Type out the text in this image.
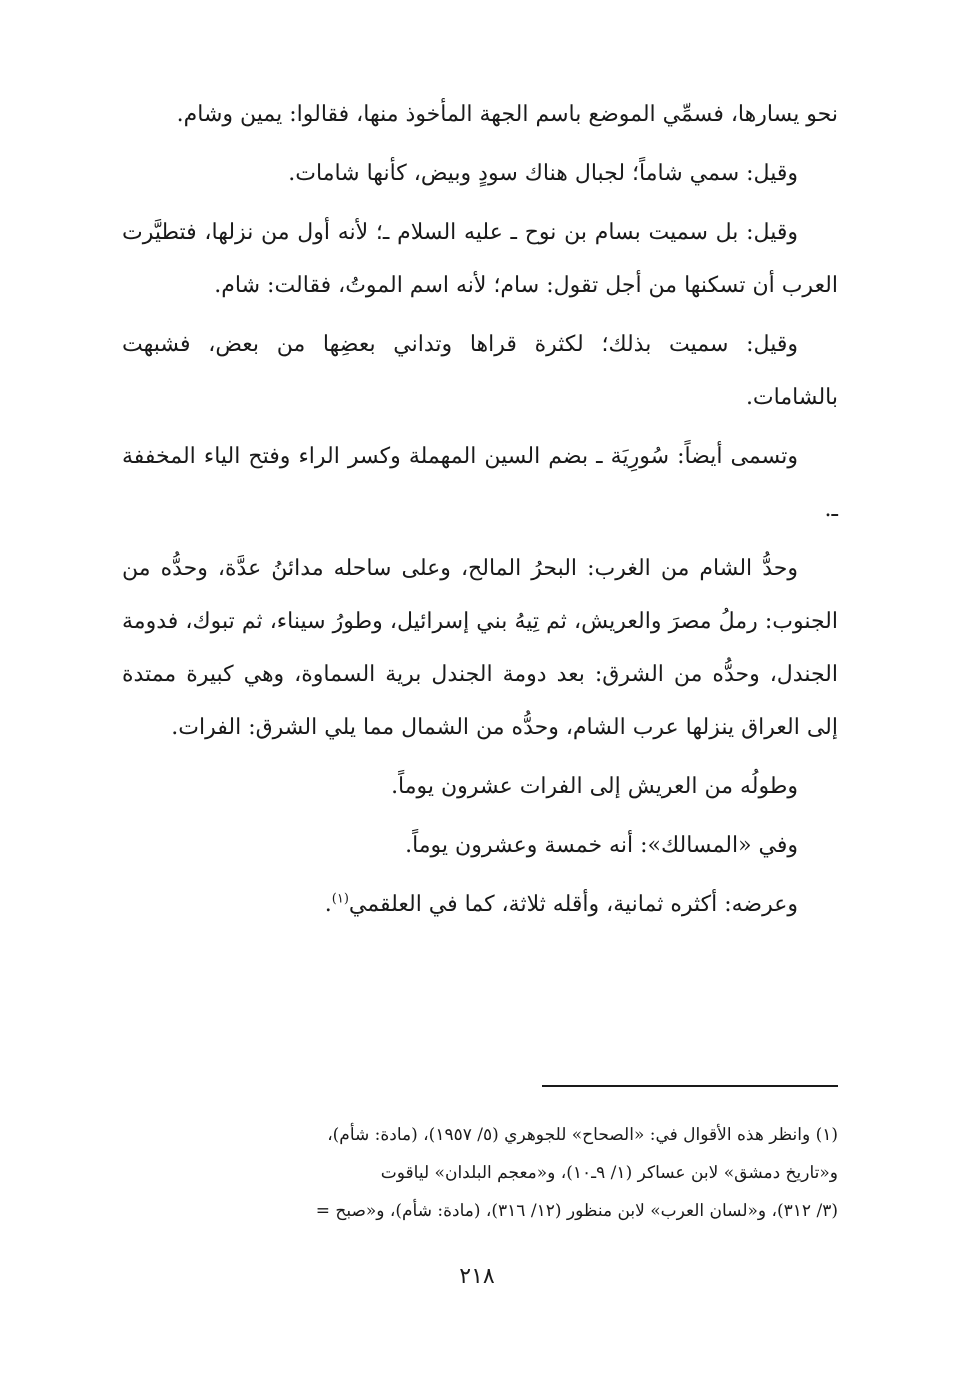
نحو يسارها، فسمِّي الموضع باسم الجهة المأخوذ منها، فقالوا: يمين وشام.

وقيل: سمي شاماً؛ لجبال هناك سودٍ وبيض، كأنها شامات.

وقيل: بل سميت بسام بن نوح ـ عليه السلام ـ؛ لأنه أول من نزلها، فتطيَّرت العرب أن تسكنها من أجل تقول: سام؛ لأنه اسم الموتُ، فقالت: شام.

وقيل: سميت بذلك؛ لكثرة قراها وتداني بعضِها من بعض، فشبهت بالشامات.

وتسمى أيضاً: سُورِيَة ـ بضم السين المهملة وكسر الراء وفتح الياء المخففة ـ.

وحدُّ الشام من الغرب: البحرُ المالح، وعلى ساحله مدائنُ عدَّة، وحدُّه من الجنوب: رملُ مصرَ والعريش، ثم تِيهُ بني إسرائيل، وطورُ سيناء، ثم تبوك، فدومة الجندل، وحدُّه من الشرق: بعد دومة الجندل برية السماوة، وهي كبيرة ممتدة إلى العراق ينزلها عرب الشام، وحدُّه من الشمال مما يلي الشرق: الفرات.

وطولُه من العريش إلى الفرات عشرون يوماً.

وفي «المسالك»: أنه خمسة وعشرون يوماً.

وعرضه: أكثره ثمانية، وأقله ثلاثة، كما في العلقمي$^{(١)}$.

(١) وانظر هذه الأقوال في: «الصحاح» للجوهري (٥/ ١٩٥٧)، (مادة: شأم)،

و«تاريخ دمشق» لابن عساكر (١/ ٩ـ١٠)، و«معجم البلدان» لياقوت

(٣/ ٣١٢)، و«لسان العرب» لابن منظور (١٢/ ٣١٦)، (مادة: شأم)، و«صبح =

٢١٨
